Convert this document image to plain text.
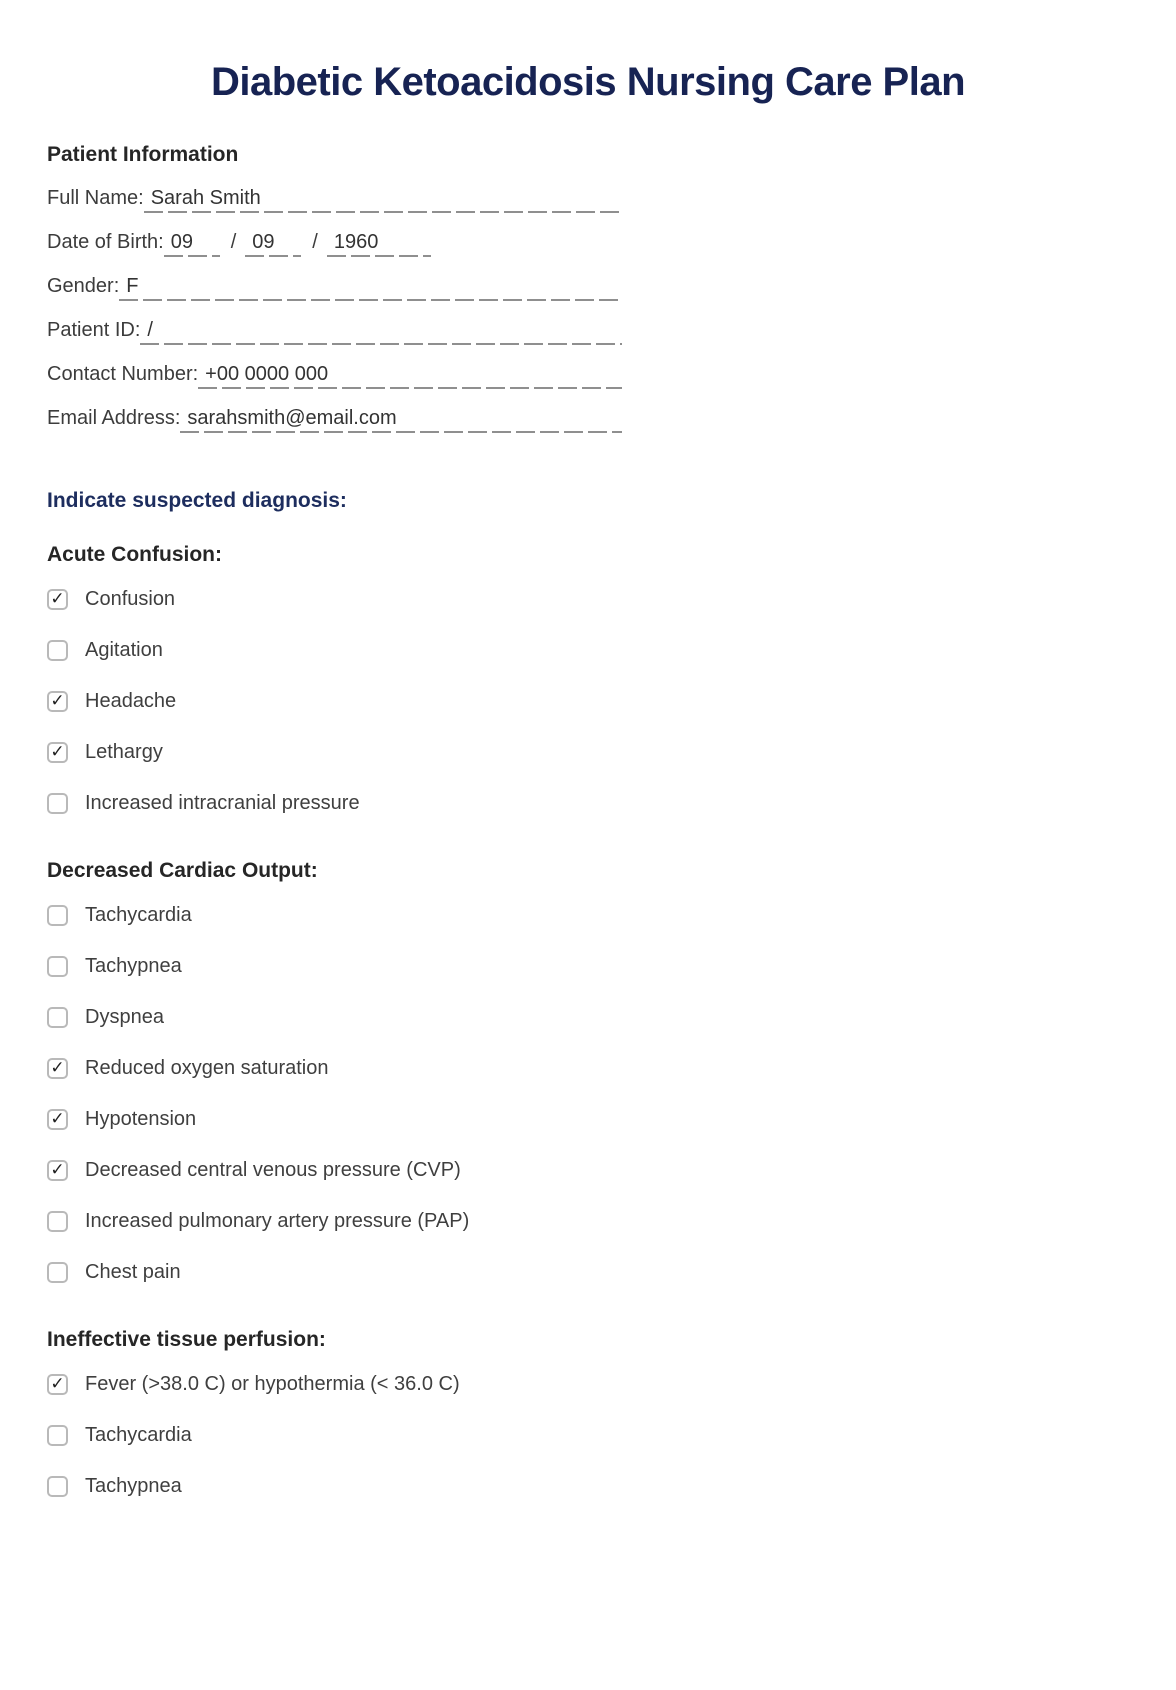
Diabetic Ketoacidosis Nursing Care Plan
Patient Information
Full Name: Sarah Smith
Date of Birth: 09	/ 09	/ 1960
Gender: F
Patient ID: /
Contact Number: +00 0000 000
Email Address: sarahsmith@email.com
Indicate suspected diagnosis:
Acute Confusion:
✓ Confusion
Agitation
✓ Headache
✓ Lethargy
Increased intracranial pressure
Decreased Cardiac Output:
Tachycardia
Tachypnea
Dyspnea
✓ Reduced oxygen saturation
✓ Hypotension
✓ Decreased central venous pressure (CVP)
Increased pulmonary artery pressure (PAP)
Chest pain
Ineffective tissue perfusion:
✓ Fever (>38.0 C) or hypothermia (< 36.0 C)
Tachycardia
Tachypnea
